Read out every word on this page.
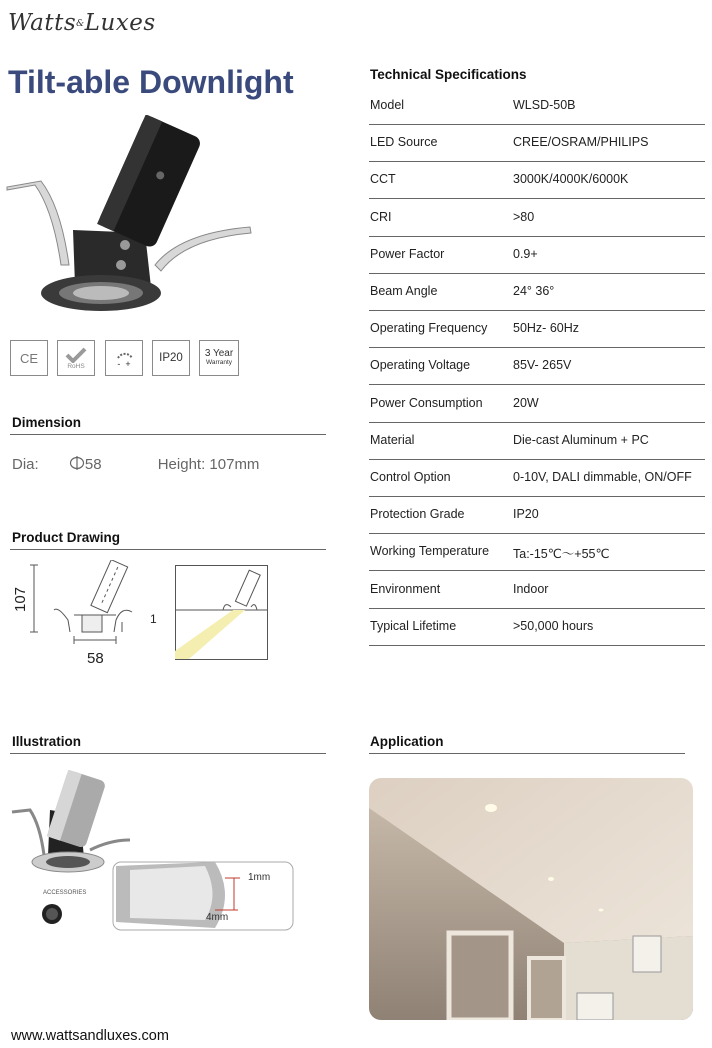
Watts&Luxes
Tilt-able Downlight
CE
RoHS	- + IP20 3 Year
Warranty
Dimension
Dia:	58	Height: 107mm
Product Drawing
107
58
1
Illustration
ACCESSORIES
1mm
4mm
Technical Specifications
Model	WLSD-50B
LED Source	CREE/OSRAM/PHILIPS
CCT	3000K/4000K/6000K
CRI	>80
Power Factor	0.9+
Beam Angle	24° 36°
Operating Frequency 50Hz- 60Hz
Operating Voltage	85V- 265V
Power Consumption 20W
Material	Die-cast Aluminum + PC
Control Option	0-10V, DALI dimmable, ON/OFF
Protection Grade	IP20
Working Temperature Ta:-15℃～+55℃
Environment	Indoor
Typical Lifetime	>50,000 hours
Application
www.wattsandluxes.com
